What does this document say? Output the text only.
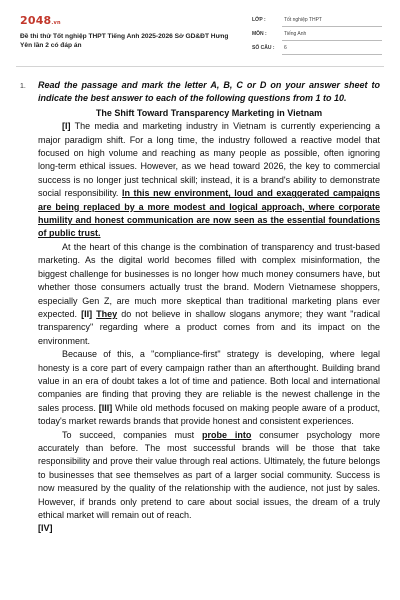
2048.vn
Đề thi thử Tốt nghiệp THPT Tiếng Anh 2025-2026 Sở GD&ĐT Hưng Yên lần 2 có đáp án
LỚP :	Tốt nghiệp THPT
MÔN :	Tiếng Anh
SỐ CÂU : 6
1. Read the passage and mark the letter A, B, C or D on your answer sheet to indicate the best answer to each of the following questions from 1 to 10.

The Shift Toward Transparency Marketing in Vietnam

[I] The media and marketing industry in Vietnam is currently experiencing a major paradigm shift. For a long time, the industry followed a reactive model that focused on high volume and reaching as many people as possible, often ignoring long-term ethical issues. However, as we head toward 2026, the key to commercial success is no longer just technical skill; instead, it is a brand's ability to demonstrate social responsibility. In this new environment, loud and exaggerated campaigns are being replaced by a more modest and logical approach, where corporate humility and honest communication are now seen as the essential foundations of public trust.

At the heart of this change is the combination of transparency and trust-based marketing. As the digital world becomes filled with complex misinformation, the biggest challenge for businesses is no longer how much money consumers have, but whether those consumers actually trust the brand. Modern Vietnamese shoppers, especially Gen Z, are much more skeptical than traditional marketing plans ever expected. [II] They do not believe in shallow slogans anymore; they want "radical transparency" regarding where a product comes from and its impact on the environment.

Because of this, a "compliance-first" strategy is developing, where legal honesty is a core part of every campaign rather than an afterthought. Building brand value in an era of doubt takes a lot of time and patience. Both local and international companies are finding that proving they are reliable is the newest challenge in the sales process. [III] While old methods focused on making people aware of a product, today's market rewards brands that provide honest and consistent experiences.

To succeed, companies must probe into consumer psychology more accurately than before. The most successful brands will be those that take responsibility and prove their value through real actions. Ultimately, the future belongs to businesses that see themselves as part of a larger social community. Success is now measured by the quality of the relationship with the audience, not just by sales. However, if brands only pretend to care about social issues, the dream of a truly ethical market will remain out of reach.

[IV]
